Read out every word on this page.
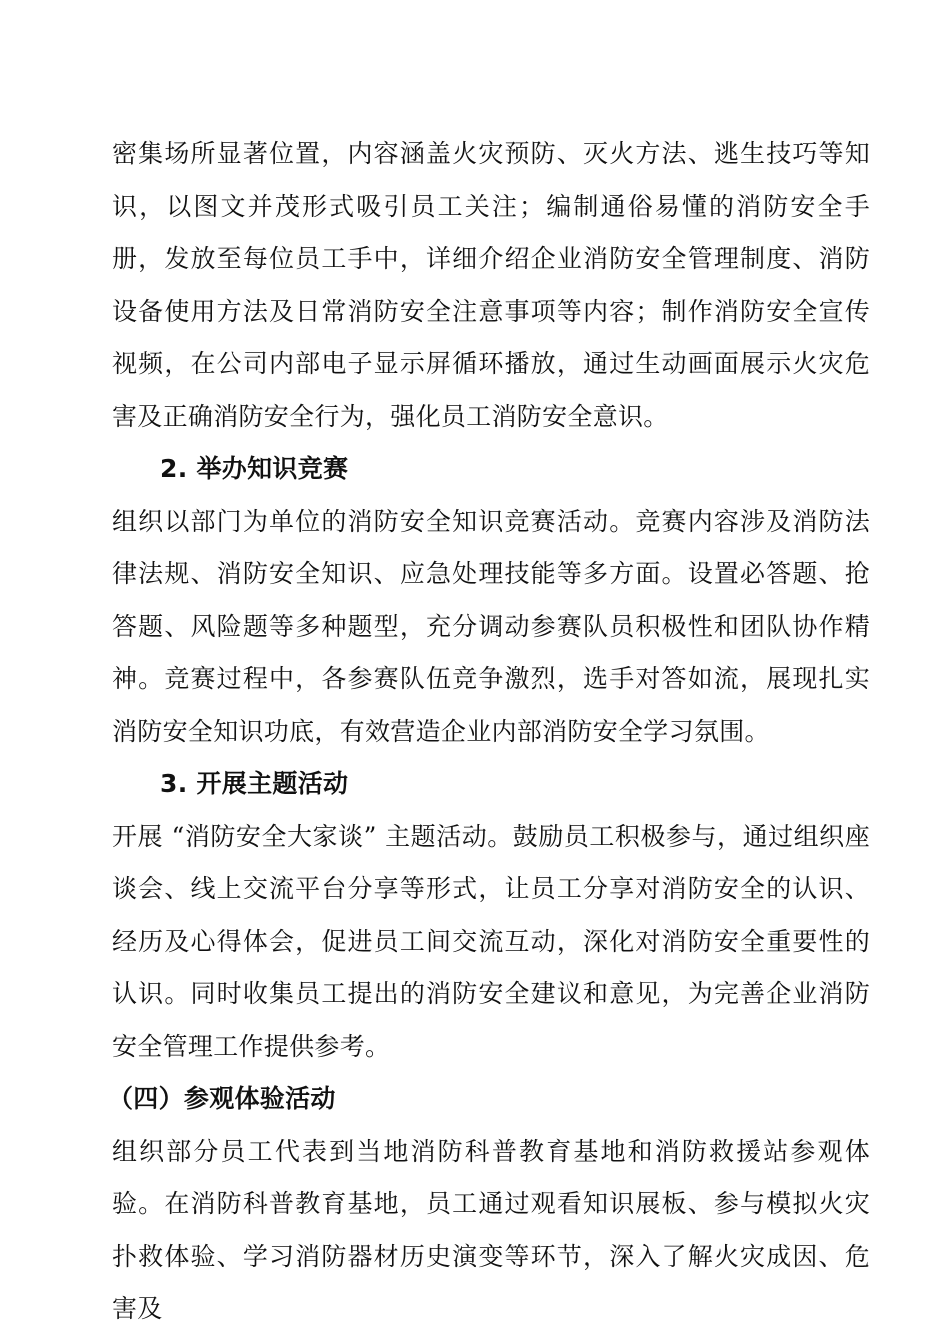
密集场所显著位置，内容涵盖火灾预防、灭火方法、逃生技巧等知识，以图文并茂形式吸引员工关注；编制通俗易懂的消防安全手册，发放至每位员工手中，详细介绍企业消防安全管理制度、消防设备使用方法及日常消防安全注意事项等内容；制作消防安全宣传视频，在公司内部电子显示屏循环播放，通过生动画面展示火灾危害及正确消防安全行为，强化员工消防安全意识。

2. 举办知识竞赛

组织以部门为单位的消防安全知识竞赛活动。竞赛内容涉及消防法律法规、消防安全知识、应急处理技能等多方面。设置必答题、抢答题、风险题等多种题型，充分调动参赛队员积极性和团队协作精神。竞赛过程中，各参赛队伍竞争激烈，选手对答如流，展现扎实消防安全知识功底，有效营造企业内部消防安全学习氛围。

3. 开展主题活动

开展 “消防安全大家谈” 主题活动。鼓励员工积极参与，通过组织座谈会、线上交流平台分享等形式，让员工分享对消防安全的认识、经历及心得体会，促进员工间交流互动，深化对消防安全重要性的认识。同时收集员工提出的消防安全建议和意见，为完善企业消防安全管理工作提供参考。

（四）参观体验活动

组织部分员工代表到当地消防科普教育基地和消防救援站参观体验。在消防科普教育基地，员工通过观看知识展板、参与模拟火灾扑救体验、学习消防器材历史演变等环节，深入了解火灾成因、危害及
